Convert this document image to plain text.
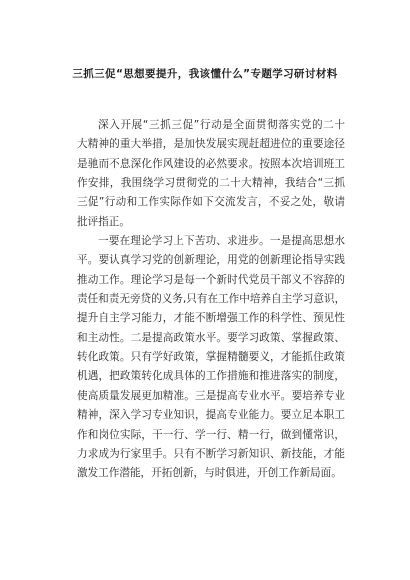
三抓三促“思想要提升，我该懂什么”专题学习研讨材料
深入开展“三抓三促”行动是全面贯彻落实党的二十
大精神的重大举措，是加快发展实现赶超进位的重要途径
是驰而不息深化作风建设的必然要求。按照本次培训班工
作安排，我围绕学习贯彻党的二十大精神，我结合“三抓
三促”行动和工作实际作如下交流发言，不妥之处，敬请
批评指正。
一要在理论学习上下苦功、求进步。一是提高思想水
平。要认真学习党的创新理论，用党的创新理论指导实践
推动工作。理论学习是每一个新时代党员干部义不容辞的
责任和责无旁贷的义务,只有在工作中培养自主学习意识，
提升自主学习能力，才能不断增强工作的科学性、预见性
和主动性。二是提高政策水平。要学习政策、掌握政策、
转化政策。只有学好政策，掌握精髓要义，才能抓住政策
机遇，把政策转化成具体的工作措施和推进落实的制度，
使高质量发展更加精准。三是提高专业水平。要培养专业
精神，深入学习专业知识，提高专业能力。要立足本职工
作和岗位实际，干一行、学一行、精一行，做到懂常识，
力求成为行家里手。只有不断学习新知识、新技能，才能
激发工作潜能，开拓创新，与时俱进，开创工作新局面。
